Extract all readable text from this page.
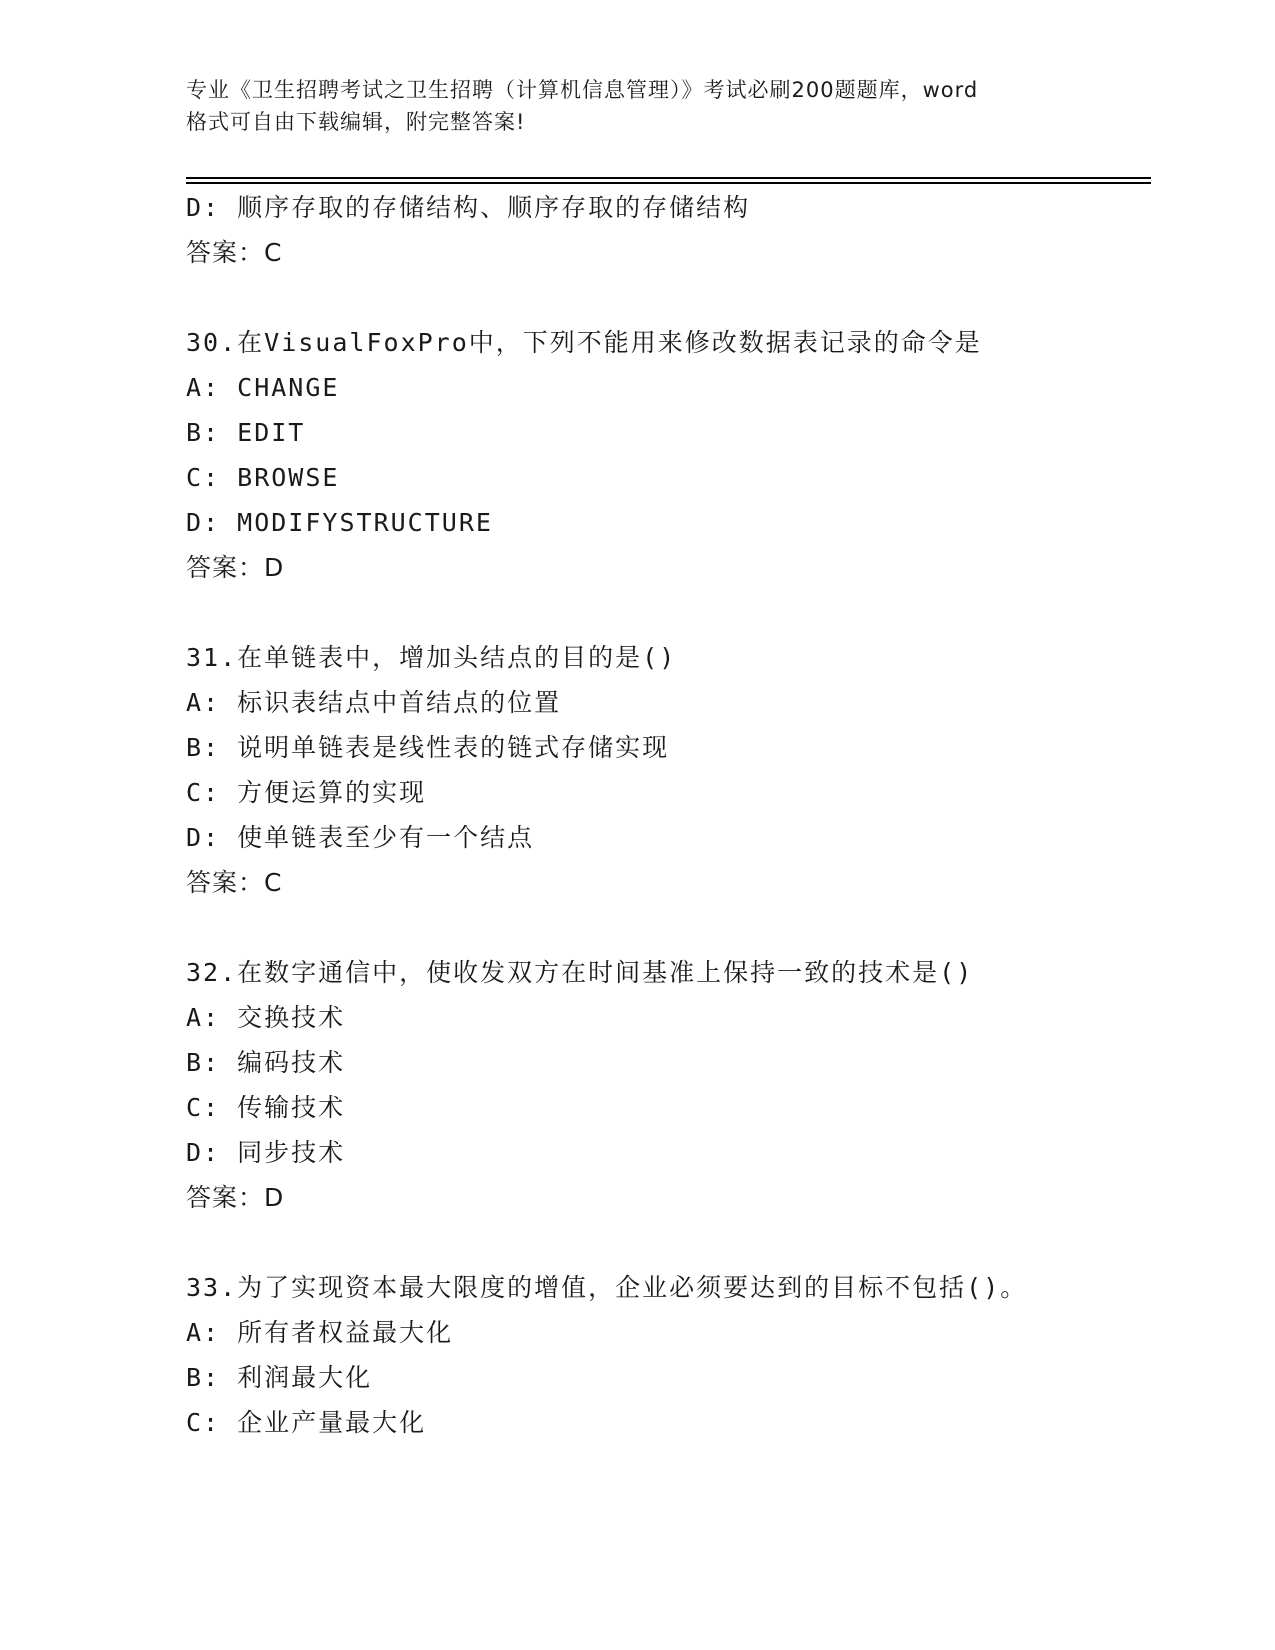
专业《卫生招聘考试之卫生招聘（计算机信息管理）》考试必刷200题题库，word
格式可自由下载编辑，附完整答案!
D: 顺序存取的存储结构、顺序存取的存储结构
答案：C
30.在VisualFoxPro中，下列不能用来修改数据表记录的命令是
A: CHANGE
B: EDIT
C: BROWSE
D: MODIFYSTRUCTURE
答案：D
31.在单链表中，增加头结点的目的是()
A: 标识表结点中首结点的位置
B: 说明单链表是线性表的链式存储实现
C: 方便运算的实现
D: 使单链表至少有一个结点
答案：C
32.在数字通信中，使收发双方在时间基准上保持一致的技术是()
A: 交换技术
B: 编码技术
C: 传输技术
D: 同步技术
答案：D
33.为了实现资本最大限度的增值，企业必须要达到的目标不包括()。
A: 所有者权益最大化
B: 利润最大化
C: 企业产量最大化
